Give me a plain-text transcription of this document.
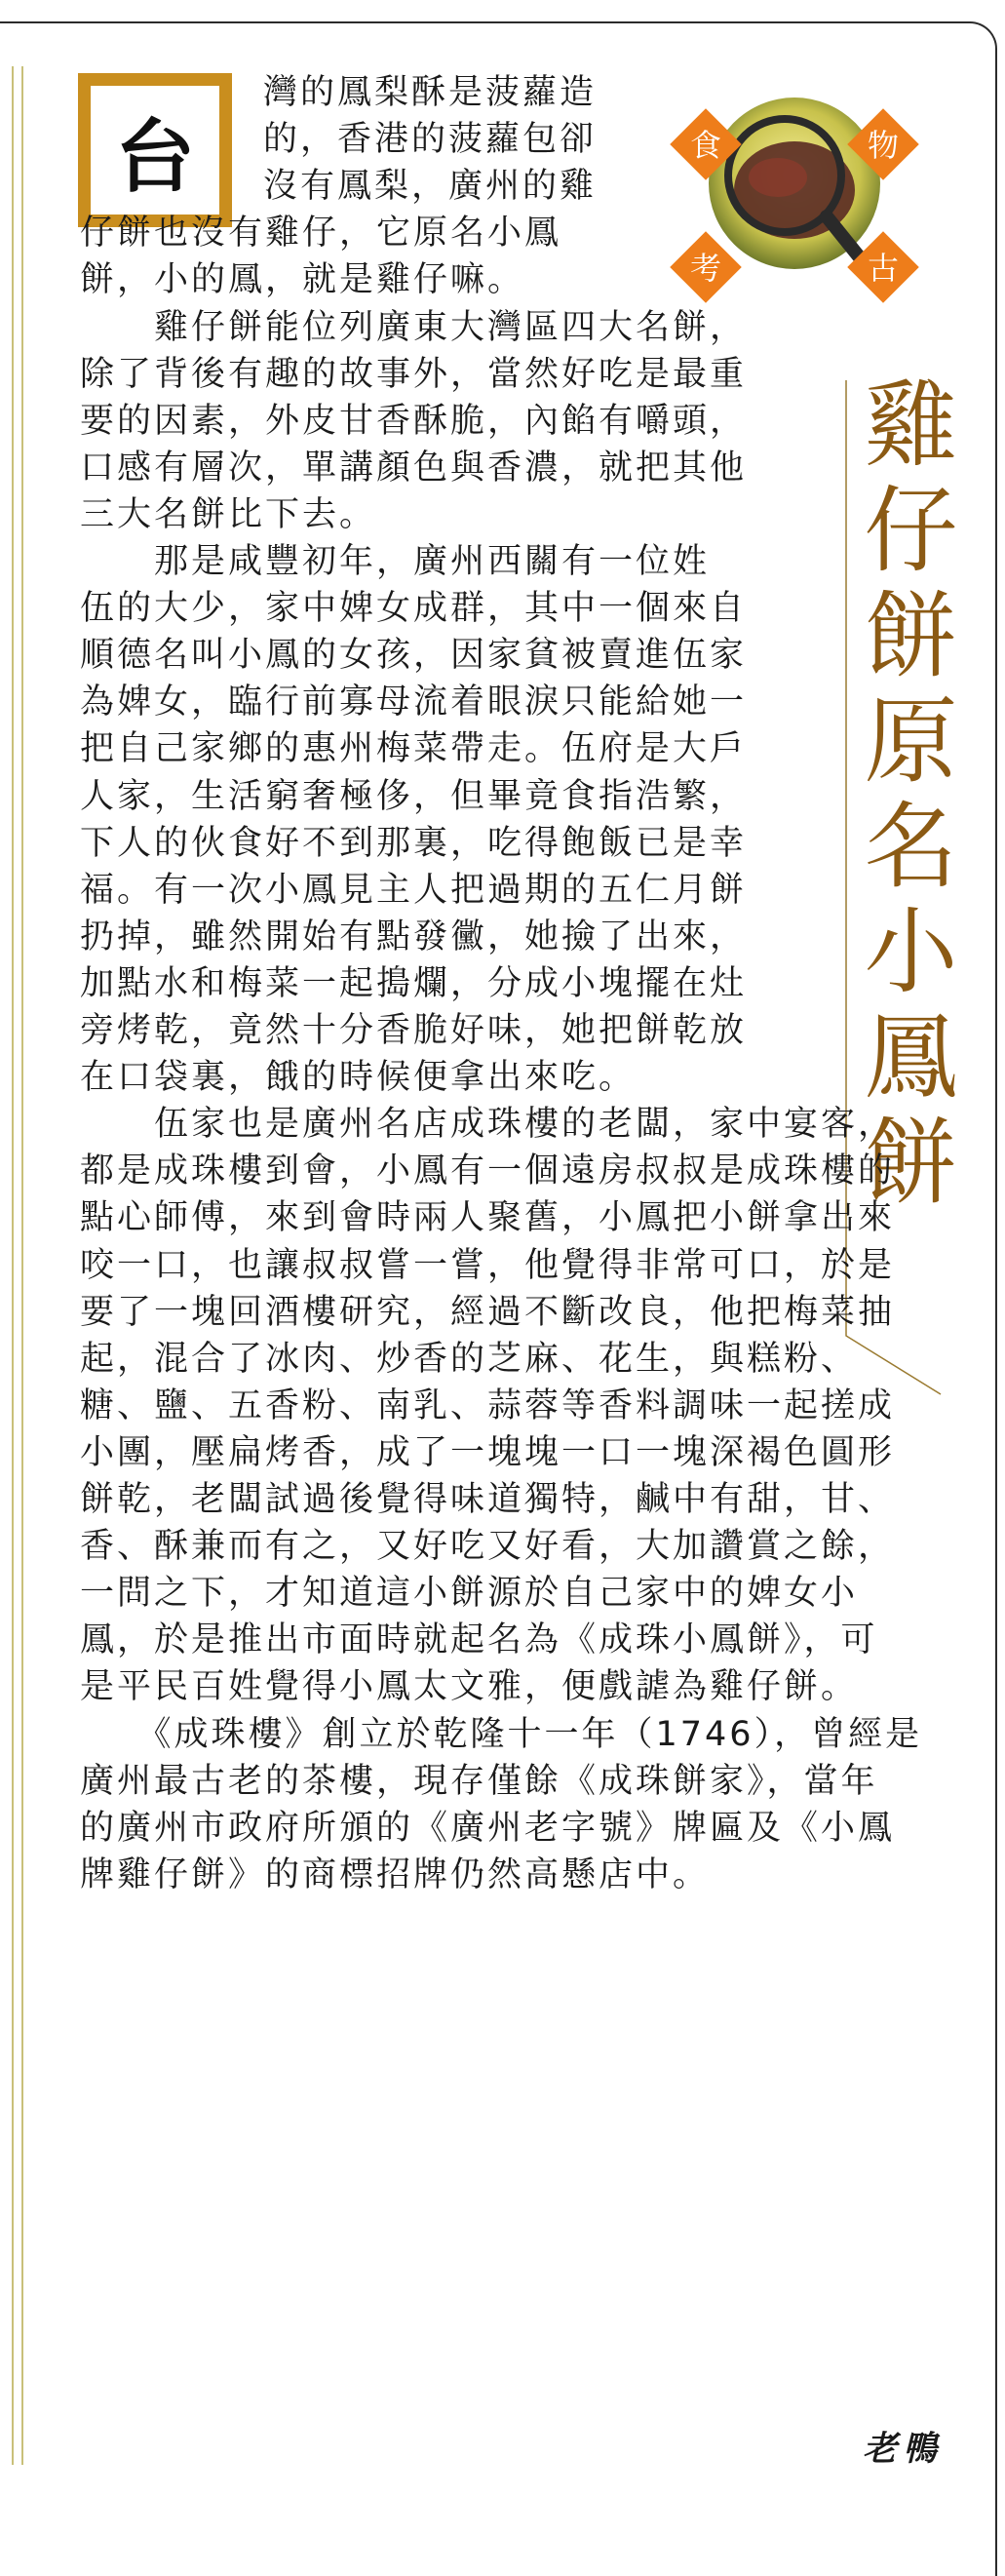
台	食	物
考	古
雞仔餅原名小鳳餅
灣的鳳梨酥是菠蘿造
的，香港的菠蘿包卻
沒有鳳梨，廣州的雞
仔餅也沒有雞仔，它原名小鳳
餅，小的鳳，就是雞仔嘛。
　　雞仔餅能位列廣東大灣區四大名餅，
除了背後有趣的故事外，當然好吃是最重
要的因素，外皮甘香酥脆，內餡有嚼頭，
口感有層次，單講顏色與香濃，就把其他
三大名餅比下去。
　　那是咸豐初年，廣州西關有一位姓
伍的大少，家中婢女成群，其中一個來自
順德名叫小鳳的女孩，因家貧被賣進伍家
為婢女，臨行前寡母流着眼淚只能給她一
把自己家鄉的惠州梅菜帶走。伍府是大戶
人家，生活窮奢極侈，但畢竟食指浩繁，
下人的伙食好不到那裏，吃得飽飯已是幸
福。有一次小鳳見主人把過期的五仁月餅
扔掉，雖然開始有點發黴，她撿了出來，
加點水和梅菜一起搗爛，分成小塊擺在灶
旁烤乾，竟然十分香脆好味，她把餅乾放
在口袋裏，餓的時候便拿出來吃。
　　伍家也是廣州名店成珠樓的老闆，家中宴客，
都是成珠樓到會，小鳳有一個遠房叔叔是成珠樓的
點心師傅，來到會時兩人聚舊，小鳳把小餅拿出來
咬一口，也讓叔叔嘗一嘗，他覺得非常可口，於是
要了一塊回酒樓研究，經過不斷改良，他把梅菜抽
起，混合了冰肉、炒香的芝麻、花生，與糕粉、
糖、鹽、五香粉、南乳、蒜蓉等香料調味一起搓成
小團，壓扁烤香，成了一塊塊一口一塊深褐色圓形
餅乾，老闆試過後覺得味道獨特，鹹中有甜，甘、
香、酥兼而有之，又好吃又好看，大加讚賞之餘，
一問之下，才知道這小餅源於自己家中的婢女小
鳳，於是推出市面時就起名為《成珠小鳳餅》，可
是平民百姓覺得小鳳太文雅，便戲謔為雞仔餅。
　　《成珠樓》創立於乾隆十一年（1746），曾經是
廣州最古老的茶樓，現存僅餘《成珠餅家》，當年
的廣州市政府所頒的《廣州老字號》牌匾及《小鳳
牌雞仔餅》的商標招牌仍然高懸店中。
老鴨
